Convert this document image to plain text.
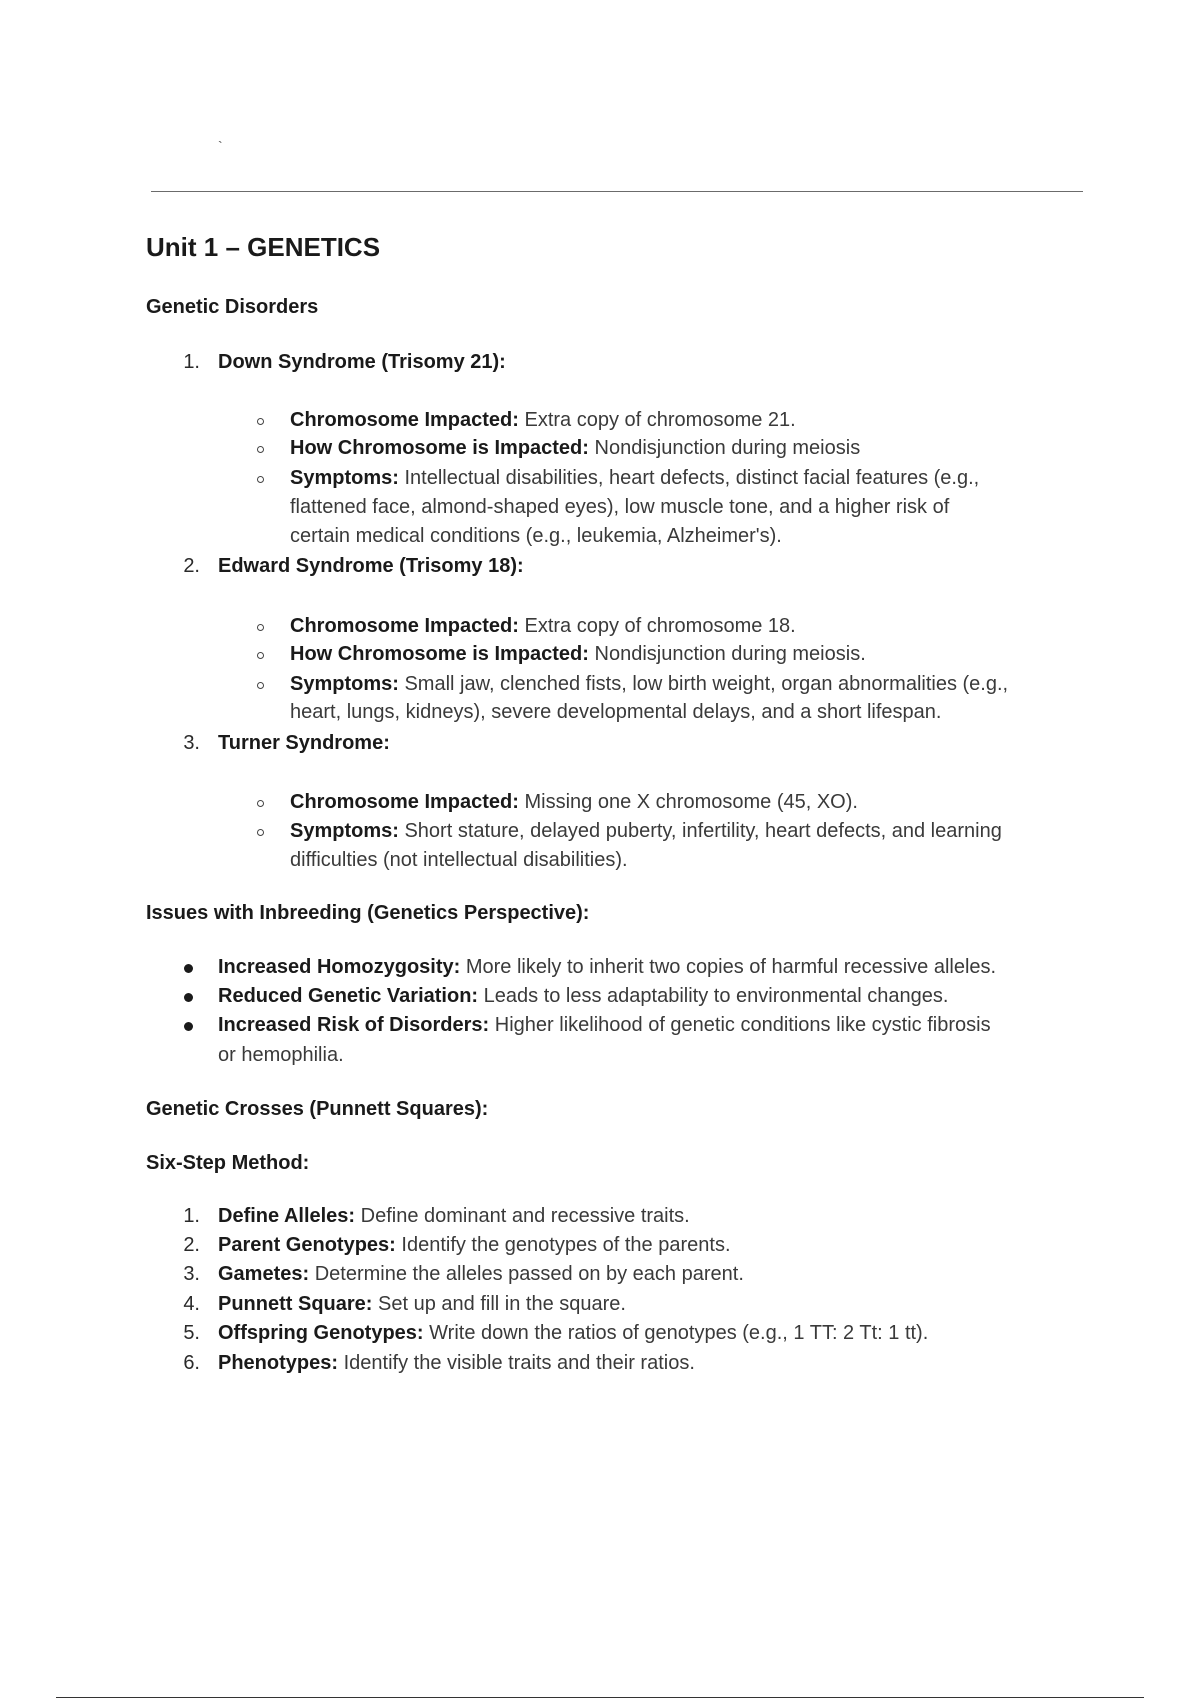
`
Unit 1 – GENETICS
Genetic Disorders
1. Down Syndrome (Trisomy 21):
Chromosome Impacted: Extra copy of chromosome 21.
How Chromosome is Impacted: Nondisjunction during meiosis
Symptoms: Intellectual disabilities, heart defects, distinct facial features (e.g.,
flattened face, almond-shaped eyes), low muscle tone, and a higher risk of
certain medical conditions (e.g., leukemia, Alzheimer's).
2. Edward Syndrome (Trisomy 18):
Chromosome Impacted: Extra copy of chromosome 18.
How Chromosome is Impacted: Nondisjunction during meiosis.
Symptoms: Small jaw, clenched fists, low birth weight, organ abnormalities (e.g.,
heart, lungs, kidneys), severe developmental delays, and a short lifespan.
3. Turner Syndrome:
Chromosome Impacted: Missing one X chromosome (45, XO).
Symptoms: Short stature, delayed puberty, infertility, heart defects, and learning
difficulties (not intellectual disabilities).
Issues with Inbreeding (Genetics Perspective):
Increased Homozygosity: More likely to inherit two copies of harmful recessive alleles.
Reduced Genetic Variation: Leads to less adaptability to environmental changes.
Increased Risk of Disorders: Higher likelihood of genetic conditions like cystic fibrosis
or hemophilia.
Genetic Crosses (Punnett Squares):
Six-Step Method:
1. Define Alleles: Define dominant and recessive traits.
2. Parent Genotypes: Identify the genotypes of the parents.
3. Gametes: Determine the alleles passed on by each parent.
4. Punnett Square: Set up and fill in the square.
5. Offspring Genotypes: Write down the ratios of genotypes (e.g., 1 TT: 2 Tt: 1 tt).
6. Phenotypes: Identify the visible traits and their ratios.
